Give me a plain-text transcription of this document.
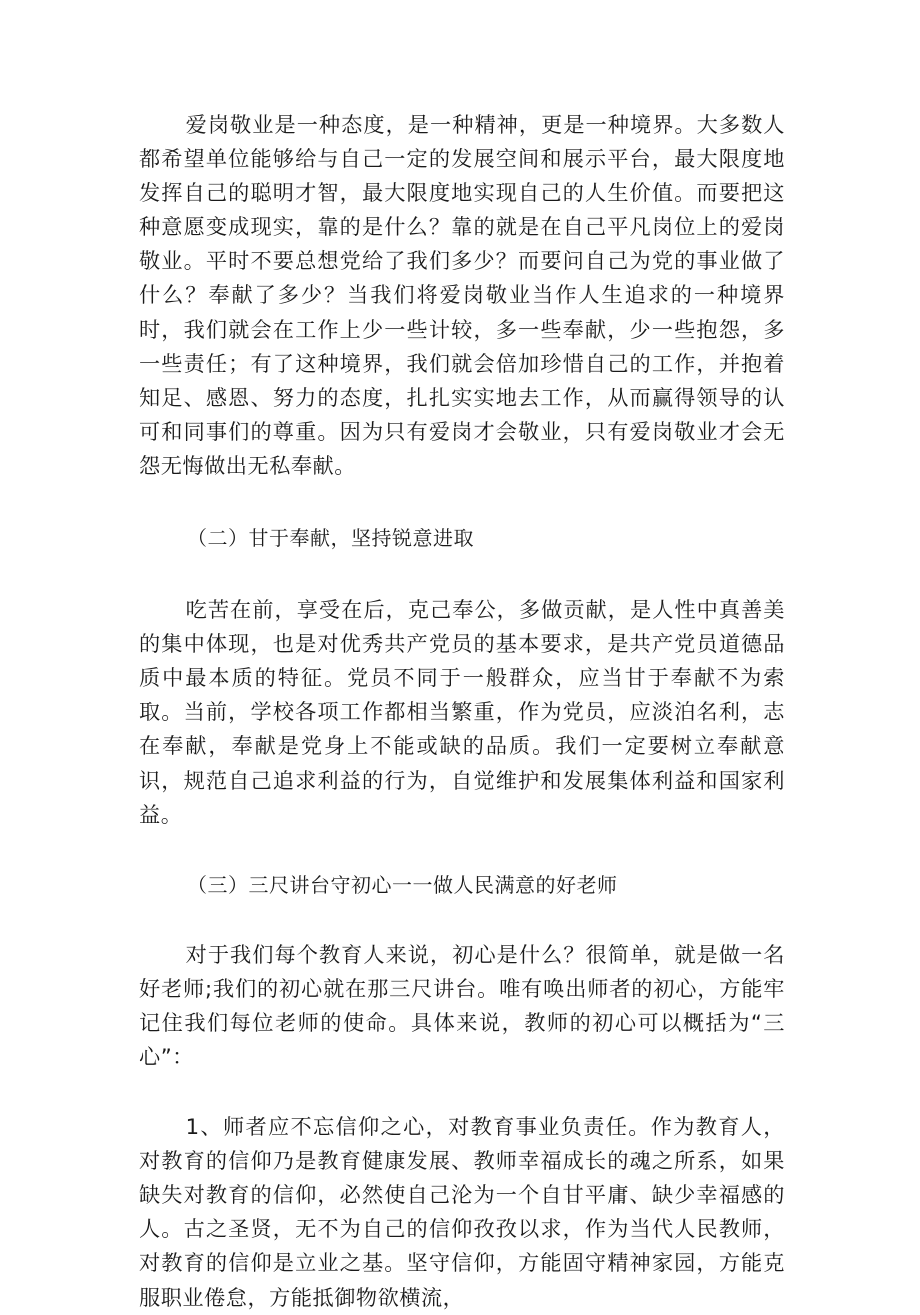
爱岗敬业是一种态度，是一种精神，更是一种境界。大多数人都希望单位能够给与自己一定的发展空间和展示平台，最大限度地发挥自己的聪明才智，最大限度地实现自己的人生价值。而要把这种意愿变成现实，靠的是什么？靠的就是在自己平凡岗位上的爱岗敬业。平时不要总想党给了我们多少？而要问自己为党的事业做了什么？奉献了多少？当我们将爱岗敬业当作人生追求的一种境界时，我们就会在工作上少一些计较，多一些奉献，少一些抱怨，多一些责任；有了这种境界，我们就会倍加珍惜自己的工作，并抱着知足、感恩、努力的态度，扎扎实实地去工作，从而赢得领导的认可和同事们的尊重。因为只有爱岗才会敬业，只有爱岗敬业才会无怨无悔做出无私奉献。

（二）甘于奉献，坚持锐意进取

吃苦在前，享受在后，克己奉公，多做贡献，是人性中真善美的集中体现，也是对优秀共产党员的基本要求，是共产党员道德品质中最本质的特征。党员不同于一般群众，应当甘于奉献不为索取。当前，学校各项工作都相当繁重，作为党员，应淡泊名利，志在奉献，奉献是党身上不能或缺的品质。我们一定要树立奉献意识，规范自己追求利益的行为，自觉维护和发展集体利益和国家利益。

（三）三尺讲台守初心一一做人民满意的好老师

对于我们每个教育人来说，初心是什么？很简单，就是做一名好老师;我们的初心就在那三尺讲台。唯有唤出师者的初心，方能牢记住我们每位老师的使命。具体来说，教师的初心可以概括为“三心”：

1、师者应不忘信仰之心，对教育事业负责任。作为教育人，对教育的信仰乃是教育健康发展、教师幸福成长的魂之所系，如果缺失对教育的信仰，必然使自己沦为一个自甘平庸、缺少幸福感的人。古之圣贤，无不为自己的信仰孜孜以求，作为当代人民教师，对教育的信仰是立业之基。坚守信仰，方能固守精神家园，方能克服职业倦怠，方能抵御物欲横流，
